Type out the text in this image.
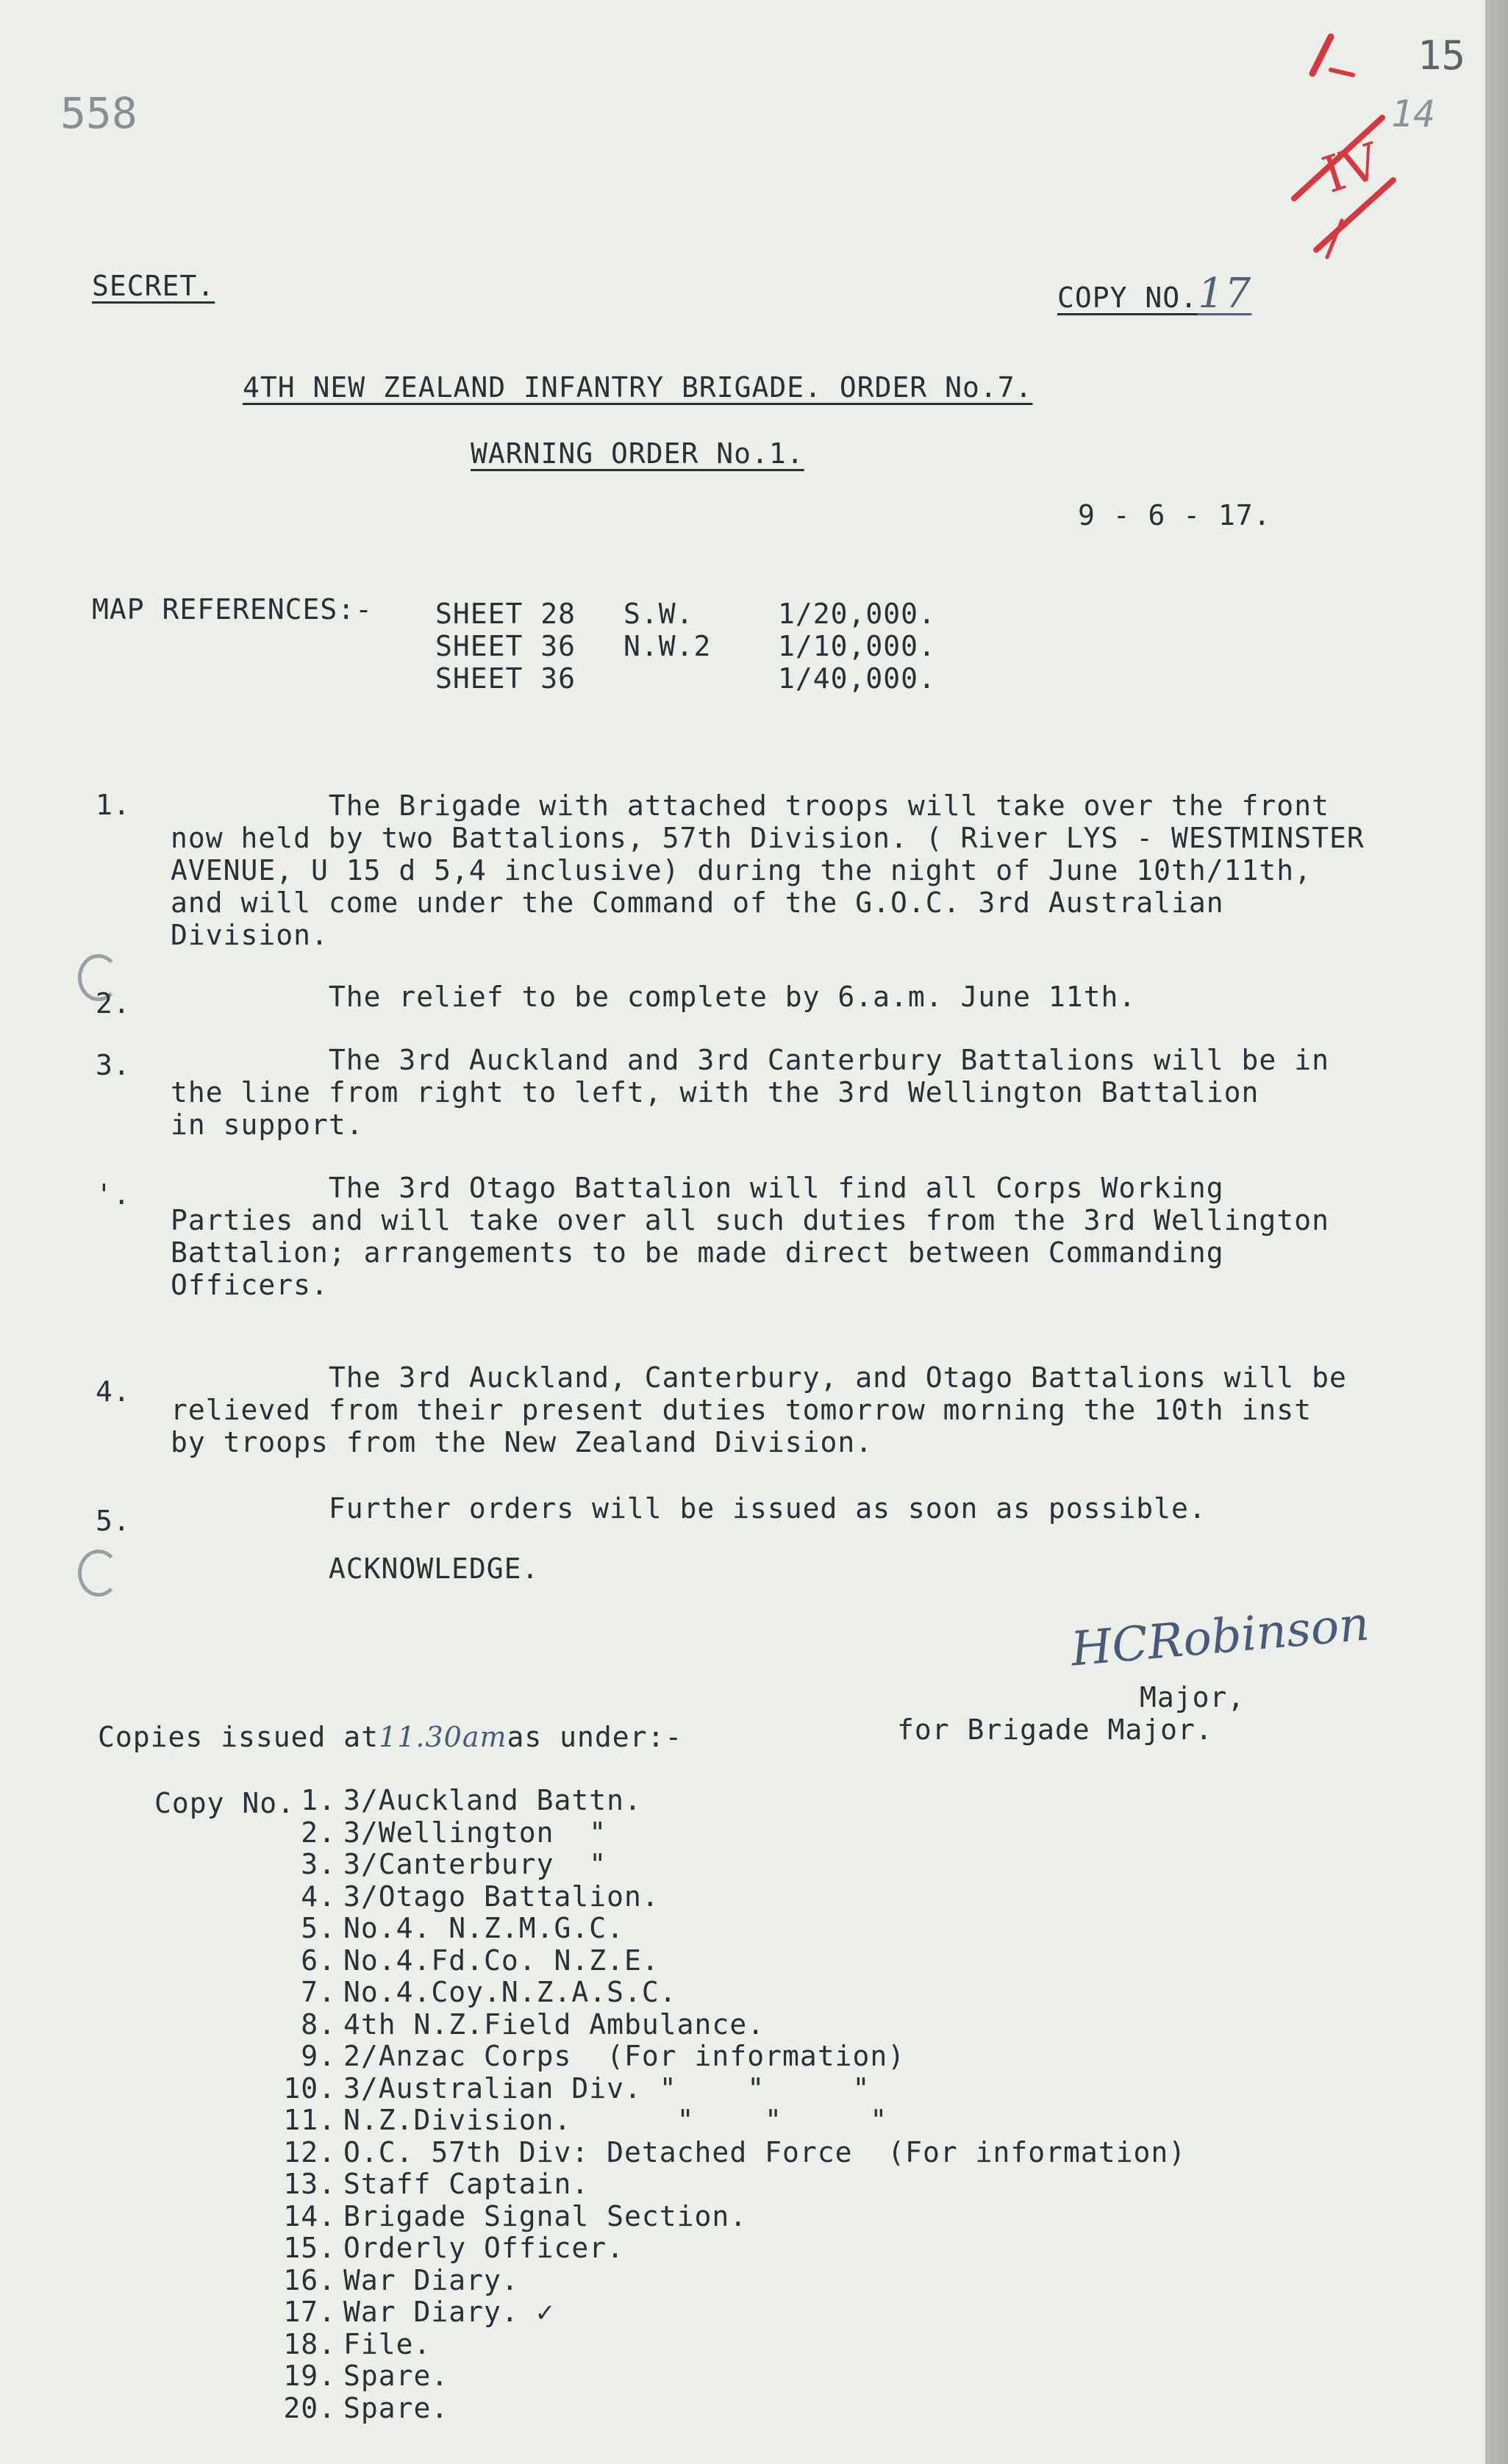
558
15
14
IV
SECRET.	COPY NO.17
4TH NEW ZEALAND INFANTRY BRIGADE. ORDER No.7.
WARNING ORDER No.1.
9 - 6 - 17.
MAP REFERENCES:- SHEET 28 S.W.	1/20,000.
SHEET 36 N.W.2 1/10,000.
SHEET 36	1/40,000.
1. The Brigade with attached troops will take over the front
now held by two Battalions, 57th Division. ( River LYS - WESTMINSTER
AVENUE, U 15 d 5,4 inclusive) during the night of June 10th/11th,
and will come under the Command of the G.O.C. 3rd Australian
Division.
2. The relief to be complete by 6.a.m. June 11th.
3. The 3rd Auckland and 3rd Canterbury Battalions will be in
the line from right to left, with the 3rd Wellington Battalion
in support.
'. The 3rd Otago Battalion will find all Corps Working
Parties and will take over all such duties from the 3rd Wellington
Battalion; arrangements to be made direct between Commanding
Officers.
4. The 3rd Auckland, Canterbury, and Otago Battalions will be
relieved from their present duties tomorrow morning the 10th inst
by troops from the New Zealand Division.
5. Further orders will be issued as soon as possible.
ACKNOWLEDGE.
HCRobinson
Major,
for Brigade Major.
Copies issued at11.30amas under:-
Copy No. 1. 3/Auckland Battn.
2. 3/Wellington  "
3. 3/Canterbury  "
4. 3/Otago Battalion.
5. No.4. N.Z.M.G.C.
6. No.4.Fd.Co. N.Z.E.
7. No.4.Coy.N.Z.A.S.C.
8. 4th N.Z.Field Ambulance.
9. 2/Anzac Corps  (For information)
10. 3/Australian Div. "    "     "
11. N.Z.Division.      "    "     "
12. O.C. 57th Div: Detached Force  (For information)
13. Staff Captain.
14. Brigade Signal Section.
15. Orderly Officer.
16. War Diary.
17. War Diary. ✓
18. File.
19. Spare.
20. Spare.
